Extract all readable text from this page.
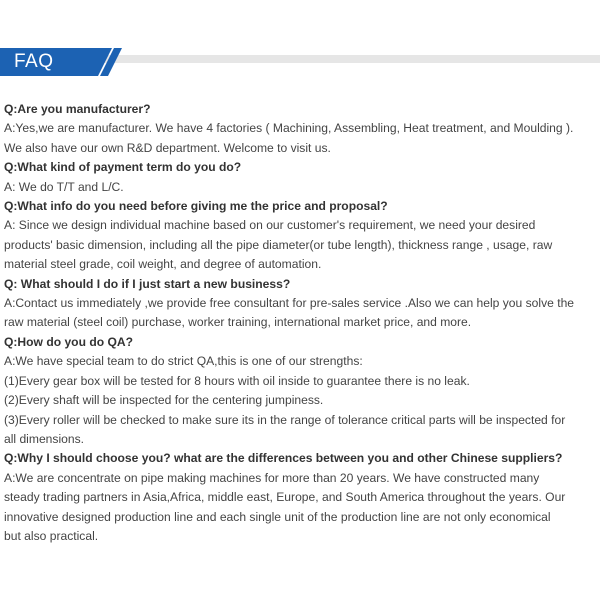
FAQ
Q:Are you manufacturer?
A:Yes,we are manufacturer. We have 4 factories ( Machining, Assembling, Heat treatment, and Moulding ).
We also have our own R&D department. Welcome to visit us.
Q:What kind of payment term do you do?
A: We do T/T and L/C.
Q:What info do you need before giving me the price and proposal?
A: Since we design individual machine based on our customer's requirement, we need your desired
products' basic dimension, including all the pipe diameter(or tube length), thickness range , usage, raw
material steel grade, coil weight, and degree of automation.
Q: What should I do if I just start a new business?
A:Contact us immediately ,we provide free consultant for pre-sales service .Also we can help you solve the
raw material (steel coil) purchase, worker training, international market price, and more.
Q:How do you do QA?
A:We have special team to do strict QA,this is one of our strengths:
(1)Every gear box will be tested for 8 hours with oil inside to guarantee there is no leak.
(2)Every shaft will be inspected for the centering jumpiness.
(3)Every roller will be checked to make sure its in the range of tolerance critical parts will be inspected for
all dimensions.
Q:Why I should choose you? what are the differences between you and other Chinese suppliers?
A:We are concentrate on pipe making machines for more than 20 years. We have constructed many
steady trading partners in Asia,Africa, middle east, Europe, and South America throughout the years. Our
innovative designed production line and each single unit of the production line are not only economical
but also practical.
